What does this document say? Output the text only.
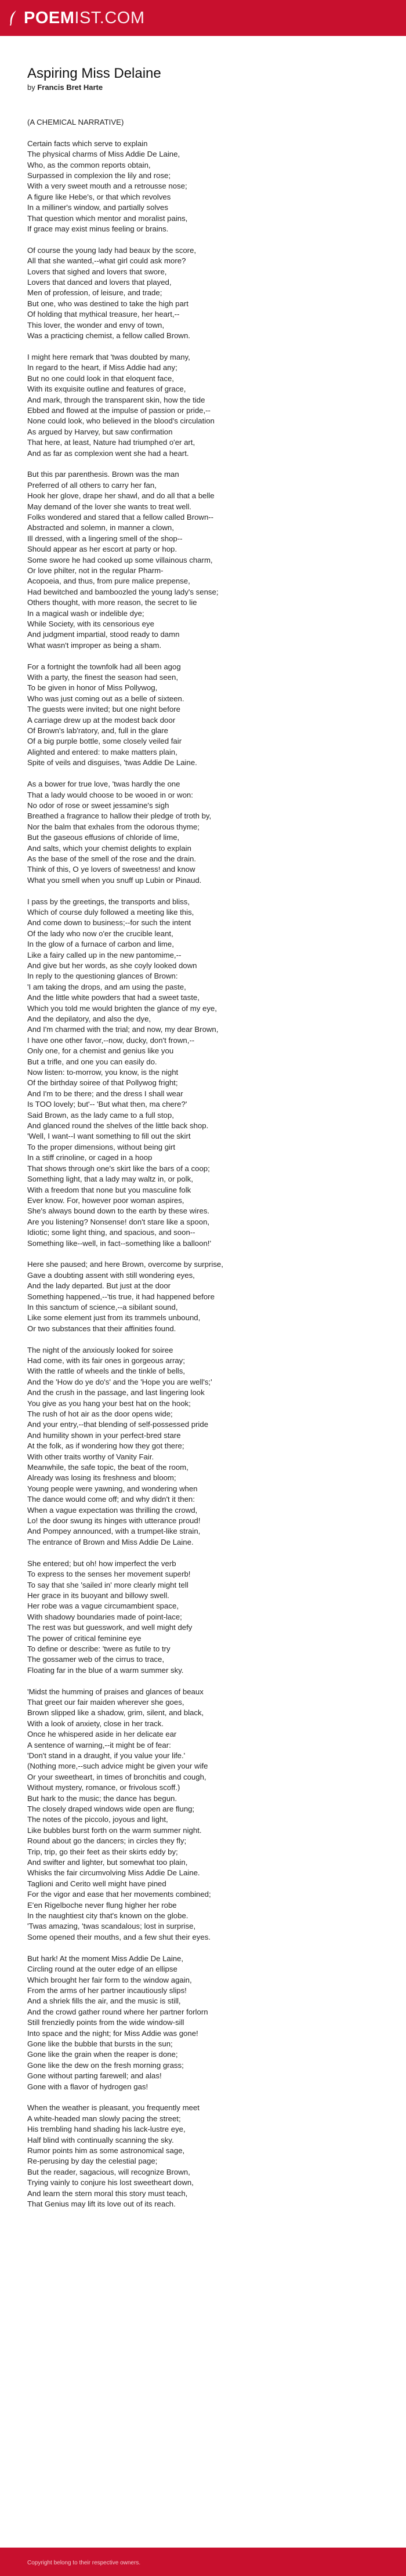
POEMIST.COM
Aspiring Miss Delaine
by Francis Bret Harte
(A CHEMICAL NARRATIVE)
Certain facts which serve to explain
The physical charms of Miss Addie De Laine,
Who, as the common reports obtain,
Surpassed in complexion the lily and rose;
With a very sweet mouth and a retrousse nose;
A figure like Hebe's, or that which revolves
In a milliner's window, and partially solves
That question which mentor and moralist pains,
If grace may exist minus feeling or brains.
Of course the young lady had beaux by the score,
All that she wanted,--what girl could ask more?
Lovers that sighed and lovers that swore,
Lovers that danced and lovers that played,
Men of profession, of leisure, and trade;
But one, who was destined to take the high part
Of holding that mythical treasure, her heart,--
This lover, the wonder and envy of town,
Was a practicing chemist, a fellow called Brown.
I might here remark that 'twas doubted by many,
In regard to the heart, if Miss Addie had any;
But no one could look in that eloquent face,
With its exquisite outline and features of grace,
And mark, through the transparent skin, how the tide
Ebbed and flowed at the impulse of passion or pride,--
None could look, who believed in the blood's circulation
As argued by Harvey, but saw confirmation
That here, at least, Nature had triumphed o'er art,
And as far as complexion went she had a heart.
But this par parenthesis. Brown was the man
Preferred of all others to carry her fan,
Hook her glove, drape her shawl, and do all that a belle
May demand of the lover she wants to treat well.
Folks wondered and stared that a fellow called Brown--
Abstracted and solemn, in manner a clown,
Ill dressed, with a lingering smell of the shop--
Should appear as her escort at party or hop.
Some swore he had cooked up some villainous charm,
Or love philter, not in the regular Pharm-
Acopoeia, and thus, from pure malice prepense,
Had bewitched and bamboozled the young lady's sense;
Others thought, with more reason, the secret to lie
In a magical wash or indelible dye;
While Society, with its censorious eye
And judgment impartial, stood ready to damn
What wasn't improper as being a sham.
For a fortnight the townfolk had all been agog
With a party, the finest the season had seen,
To be given in honor of Miss Pollywog,
Who was just coming out as a belle of sixteen.
The guests were invited; but one night before
A carriage drew up at the modest back door
Of Brown's lab'ratory, and, full in the glare
Of a big purple bottle, some closely veiled fair
Alighted and entered: to make matters plain,
Spite of veils and disguises, 'twas Addie De Laine.
As a bower for true love, 'twas hardly the one
That a lady would choose to be wooed in or won:
No odor of rose or sweet jessamine's sigh
Breathed a fragrance to hallow their pledge of troth by,
Nor the balm that exhales from the odorous thyme;
But the gaseous effusions of chloride of lime,
And salts, which your chemist delights to explain
As the base of the smell of the rose and the drain.
Think of this, O ye lovers of sweetness! and know
What you smell when you snuff up Lubin or Pinaud.
I pass by the greetings, the transports and bliss,
Which of course duly followed a meeting like this,
And come down to business;--for such the intent
Of the lady who now o'er the crucible leant,
In the glow of a furnace of carbon and lime,
Like a fairy called up in the new pantomime,--
And give but her words, as she coyly looked down
In reply to the questioning glances of Brown:
'I am taking the drops, and am using the paste,
And the little white powders that had a sweet taste,
Which you told me would brighten the glance of my eye,
And the depilatory, and also the dye,
And I'm charmed with the trial; and now, my dear Brown,
I have one other favor,--now, ducky, don't frown,--
Only one, for a chemist and genius like you
But a trifle, and one you can easily do.
Now listen: to-morrow, you know, is the night
Of the birthday soiree of that Pollywog fright;
And I'm to be there; and the dress I shall wear
Is TOO lovely; but'-- 'But what then, ma chere?'
Said Brown, as the lady came to a full stop,
And glanced round the shelves of the little back shop.
'Well, I want--I want something to fill out the skirt
To the proper dimensions, without being girt
In a stiff crinoline, or caged in a hoop
That shows through one's skirt like the bars of a coop;
Something light, that a lady may waltz in, or polk,
With a freedom that none but you masculine folk
Ever know. For, however poor woman aspires,
She's always bound down to the earth by these wires.
Are you listening? Nonsense! don't stare like a spoon,
Idiotic; some light thing, and spacious, and soon--
Something like--well, in fact--something like a balloon!'
Here she paused; and here Brown, overcome by surprise,
Gave a doubting assent with still wondering eyes,
And the lady departed. But just at the door
Something happened,--'tis true, it had happened before
In this sanctum of science,--a sibilant sound,
Like some element just from its trammels unbound,
Or two substances that their affinities found.
The night of the anxiously looked for soiree
Had come, with its fair ones in gorgeous array;
With the rattle of wheels and the tinkle of bells,
And the 'How do ye do's' and the 'Hope you are well's;'
And the crush in the passage, and last lingering look
You give as you hang your best hat on the hook;
The rush of hot air as the door opens wide;
And your entry,--that blending of self-possessed pride
And humility shown in your perfect-bred stare
At the folk, as if wondering how they got there;
With other traits worthy of Vanity Fair.
Meanwhile, the safe topic, the beat of the room,
Already was losing its freshness and bloom;
Young people were yawning, and wondering when
The dance would come off; and why didn't it then:
When a vague expectation was thrilling the crowd,
Lo! the door swung its hinges with utterance proud!
And Pompey announced, with a trumpet-like strain,
The entrance of Brown and Miss Addie De Laine.
She entered; but oh! how imperfect the verb
To express to the senses her movement superb!
To say that she 'sailed in' more clearly might tell
Her grace in its buoyant and billowy swell.
Her robe was a vague circumambient space,
With shadowy boundaries made of point-lace;
The rest was but guesswork, and well might defy
The power of critical feminine eye
To define or describe: 'twere as futile to try
The gossamer web of the cirrus to trace,
Floating far in the blue of a warm summer sky.
'Midst the humming of praises and glances of beaux
That greet our fair maiden wherever she goes,
Brown slipped like a shadow, grim, silent, and black,
With a look of anxiety, close in her track.
Once he whispered aside in her delicate ear
A sentence of warning,--it might be of fear:
'Don't stand in a draught, if you value your life.'
(Nothing more,--such advice might be given your wife
Or your sweetheart, in times of bronchitis and cough,
Without mystery, romance, or frivolous scoff.)
But hark to the music; the dance has begun.
The closely draped windows wide open are flung;
The notes of the piccolo, joyous and light,
Like bubbles burst forth on the warm summer night.
Round about go the dancers; in circles they fly;
Trip, trip, go their feet as their skirts eddy by;
And swifter and lighter, but somewhat too plain,
Whisks the fair circumvolving Miss Addie De Laine.
Taglioni and Cerito well might have pined
For the vigor and ease that her movements combined;
E'en Rigelboche never flung higher her robe
In the naughtiest city that's known on the globe.
'Twas amazing, 'twas scandalous; lost in surprise,
Some opened their mouths, and a few shut their eyes.
But hark! At the moment Miss Addie De Laine,
Circling round at the outer edge of an ellipse
Which brought her fair form to the window again,
From the arms of her partner incautiously slips!
And a shriek fills the air, and the music is still,
And the crowd gather round where her partner forlorn
Still frenziedly points from the wide window-sill
Into space and the night; for Miss Addie was gone!
Gone like the bubble that bursts in the sun;
Gone like the grain when the reaper is done;
Gone like the dew on the fresh morning grass;
Gone without parting farewell; and alas!
Gone with a flavor of hydrogen gas!
When the weather is pleasant, you frequently meet
A white-headed man slowly pacing the street;
His trembling hand shading his lack-lustre eye,
Half blind with continually scanning the sky.
Rumor points him as some astronomical sage,
Re-perusing by day the celestial page;
But the reader, sagacious, will recognize Brown,
Trying vainly to conjure his lost sweetheart down,
And learn the stern moral this story must teach,
That Genius may lift its love out of its reach.
Copyright belong to their respective owners.
